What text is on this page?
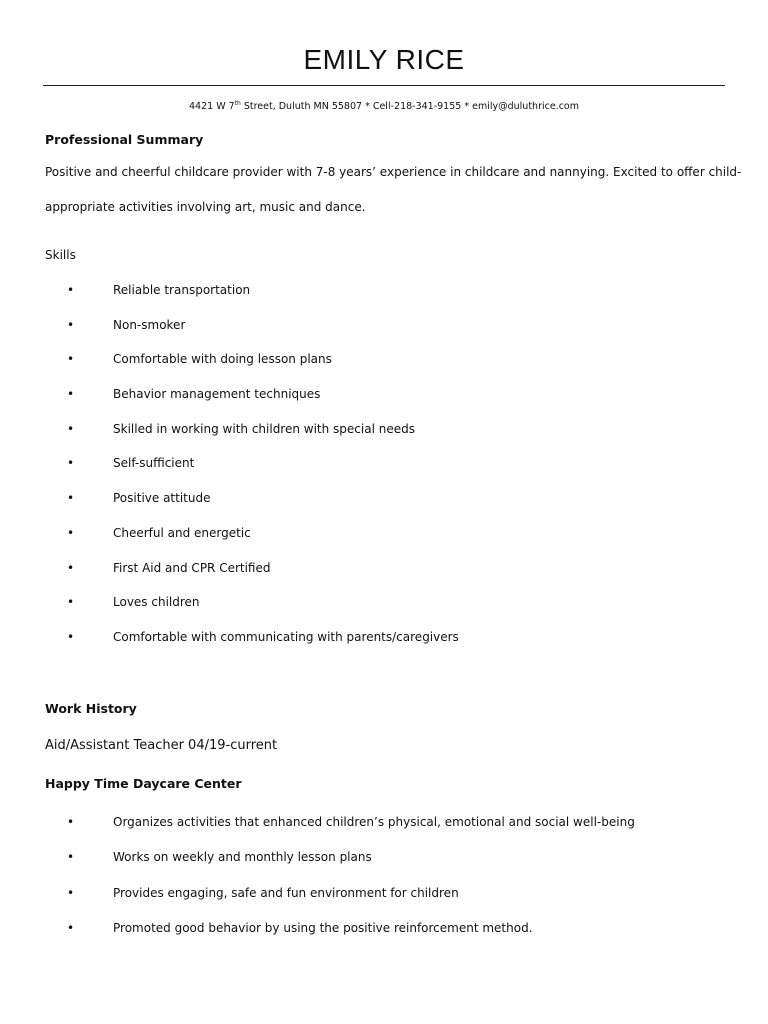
EMILY RICE
4421 W 7th Street, Duluth MN 55807 * Cell-218-341-9155 * emily@duluthrice.com
Professional Summary
Positive and cheerful childcare provider with 7-8 years’ experience in childcare and nannying. Excited to offer child-
appropriate activities involving art, music and dance.
Skills
•	Reliable transportation
•	Non-smoker
•	Comfortable with doing lesson plans
•	Behavior management techniques
•	Skilled in working with children with special needs
•	Self-sufficient
•	Positive attitude
•	Cheerful and energetic
•	First Aid and CPR Certified
•	Loves children
•	Comfortable with communicating with parents/caregivers
Work History
Aid/Assistant Teacher 04/19-current
Happy Time Daycare Center
•	Organizes activities that enhanced children’s physical, emotional and social well-being
•	Works on weekly and monthly lesson plans
•	Provides engaging, safe and fun environment for children
•	Promoted good behavior by using the positive reinforcement method.
